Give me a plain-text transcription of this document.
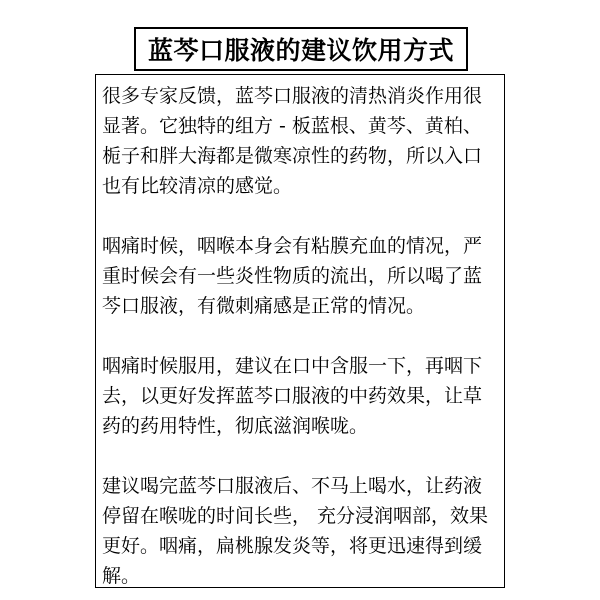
蓝芩口服液的建议饮用方式

很多专家反馈，蓝芩口服液的清热消炎作用很显著。它独特的组方 - 板蓝根、黄芩、黄柏、栀子和胖大海都是微寒凉性的药物，所以入口也有比较清凉的感觉。

咽痛时候，咽喉本身会有粘膜充血的情况，严重时候会有一些炎性物质的流出，所以喝了蓝芩口服液，有微刺痛感是正常的情况。

咽痛时候服用，建议在口中含服一下，再咽下去，以更好发挥蓝芩口服液的中药效果，让草药的药用特性，彻底滋润喉咙。

建议喝完蓝芩口服液后、不马上喝水，让药液停留在喉咙的时间长些， 充分浸润咽部，效果更好。咽痛，扁桃腺发炎等，将更迅速得到缓解。
